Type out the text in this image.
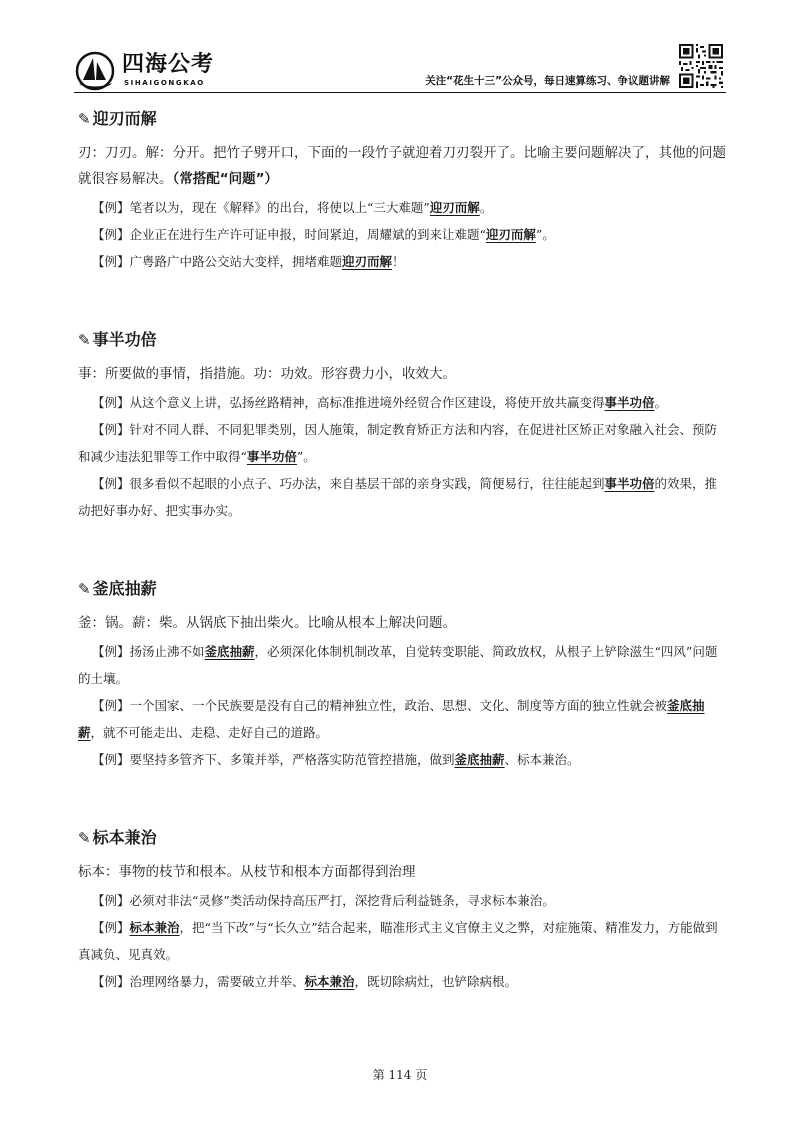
四海公考
SIHAIGONGKAO	关注“花生十三”公众号，每日速算练习、争议题讲解
✎ 迎刃而解

刃：刀刃。解：分开。把竹子劈开口，下面的一段竹子就迎着刀刃裂开了。比喻主要问题解决了，其他的问题就很容易解决。（常搭配“问题”）

【例】笔者以为，现在《解释》的出台，将使以上“三大难题”迎刃而解。

【例】企业正在进行生产许可证申报，时间紧迫，周耀斌的到来让难题“迎刃而解”。

【例】广粤路广中路公交站大变样，拥堵难题迎刃而解！

✎ 事半功倍

事：所要做的事情，指措施。功：功效。形容费力小，收效大。

【例】从这个意义上讲，弘扬丝路精神，高标准推进境外经贸合作区建设，将使开放共赢变得事半功倍。

【例】针对不同人群、不同犯罪类别，因人施策，制定教育矫正方法和内容，在促进社区矫正对象融入社会、预防和减少违法犯罪等工作中取得“事半功倍”。

【例】很多看似不起眼的小点子、巧办法，来自基层干部的亲身实践，简便易行，往往能起到事半功倍的效果，推动把好事办好、把实事办实。

✎ 釜底抽薪

釜：锅。薪：柴。从锅底下抽出柴火。比喻从根本上解决问题。

【例】扬汤止沸不如釜底抽薪，必须深化体制机制改革，自觉转变职能、简政放权，从根子上铲除滋生“四风”问题的土壤。

【例】一个国家、一个民族要是没有自己的精神独立性，政治、思想、文化、制度等方面的独立性就会被釜底抽薪，就不可能走出、走稳、走好自己的道路。

【例】要坚持多管齐下、多策并举，严格落实防范管控措施，做到釜底抽薪、标本兼治。

✎ 标本兼治

标本：事物的枝节和根本。从枝节和根本方面都得到治理

【例】必须对非法“灵修”类活动保持高压严打，深挖背后利益链条，寻求标本兼治。

【例】标本兼治，把“当下改”与“长久立”结合起来，瞄准形式主义官僚主义之弊，对症施策、精准发力，方能做到真减负、见真效。

【例】治理网络暴力，需要破立并举、标本兼治，既切除病灶，也铲除病根。

第 114 页
